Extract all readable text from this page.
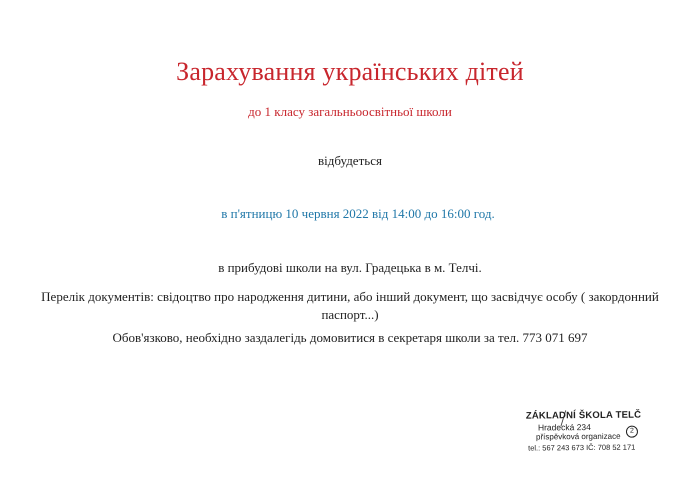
Зарахування українських дітей
до 1 класу загальньоосвітньої школи
відбудеться
в п'ятницю 10 червня 2022 від 14:00 до 16:00 год.
в прибудові школи на вул. Градецька в м. Телчі.
Перелік документів: свідоцтво про народження дитини, або інший документ, що засвідчує особу ( закордонний паспорт...)
Обов'язково, необхідно заздалегідь домовитися в секретаря школи за тел. 773 071 697
ZÁKLADNÍ ŠKOLA TELČ
Hradecká 234
příspěvková organizace
2
tel.: 567 243 673 IČ: 708 52 171
